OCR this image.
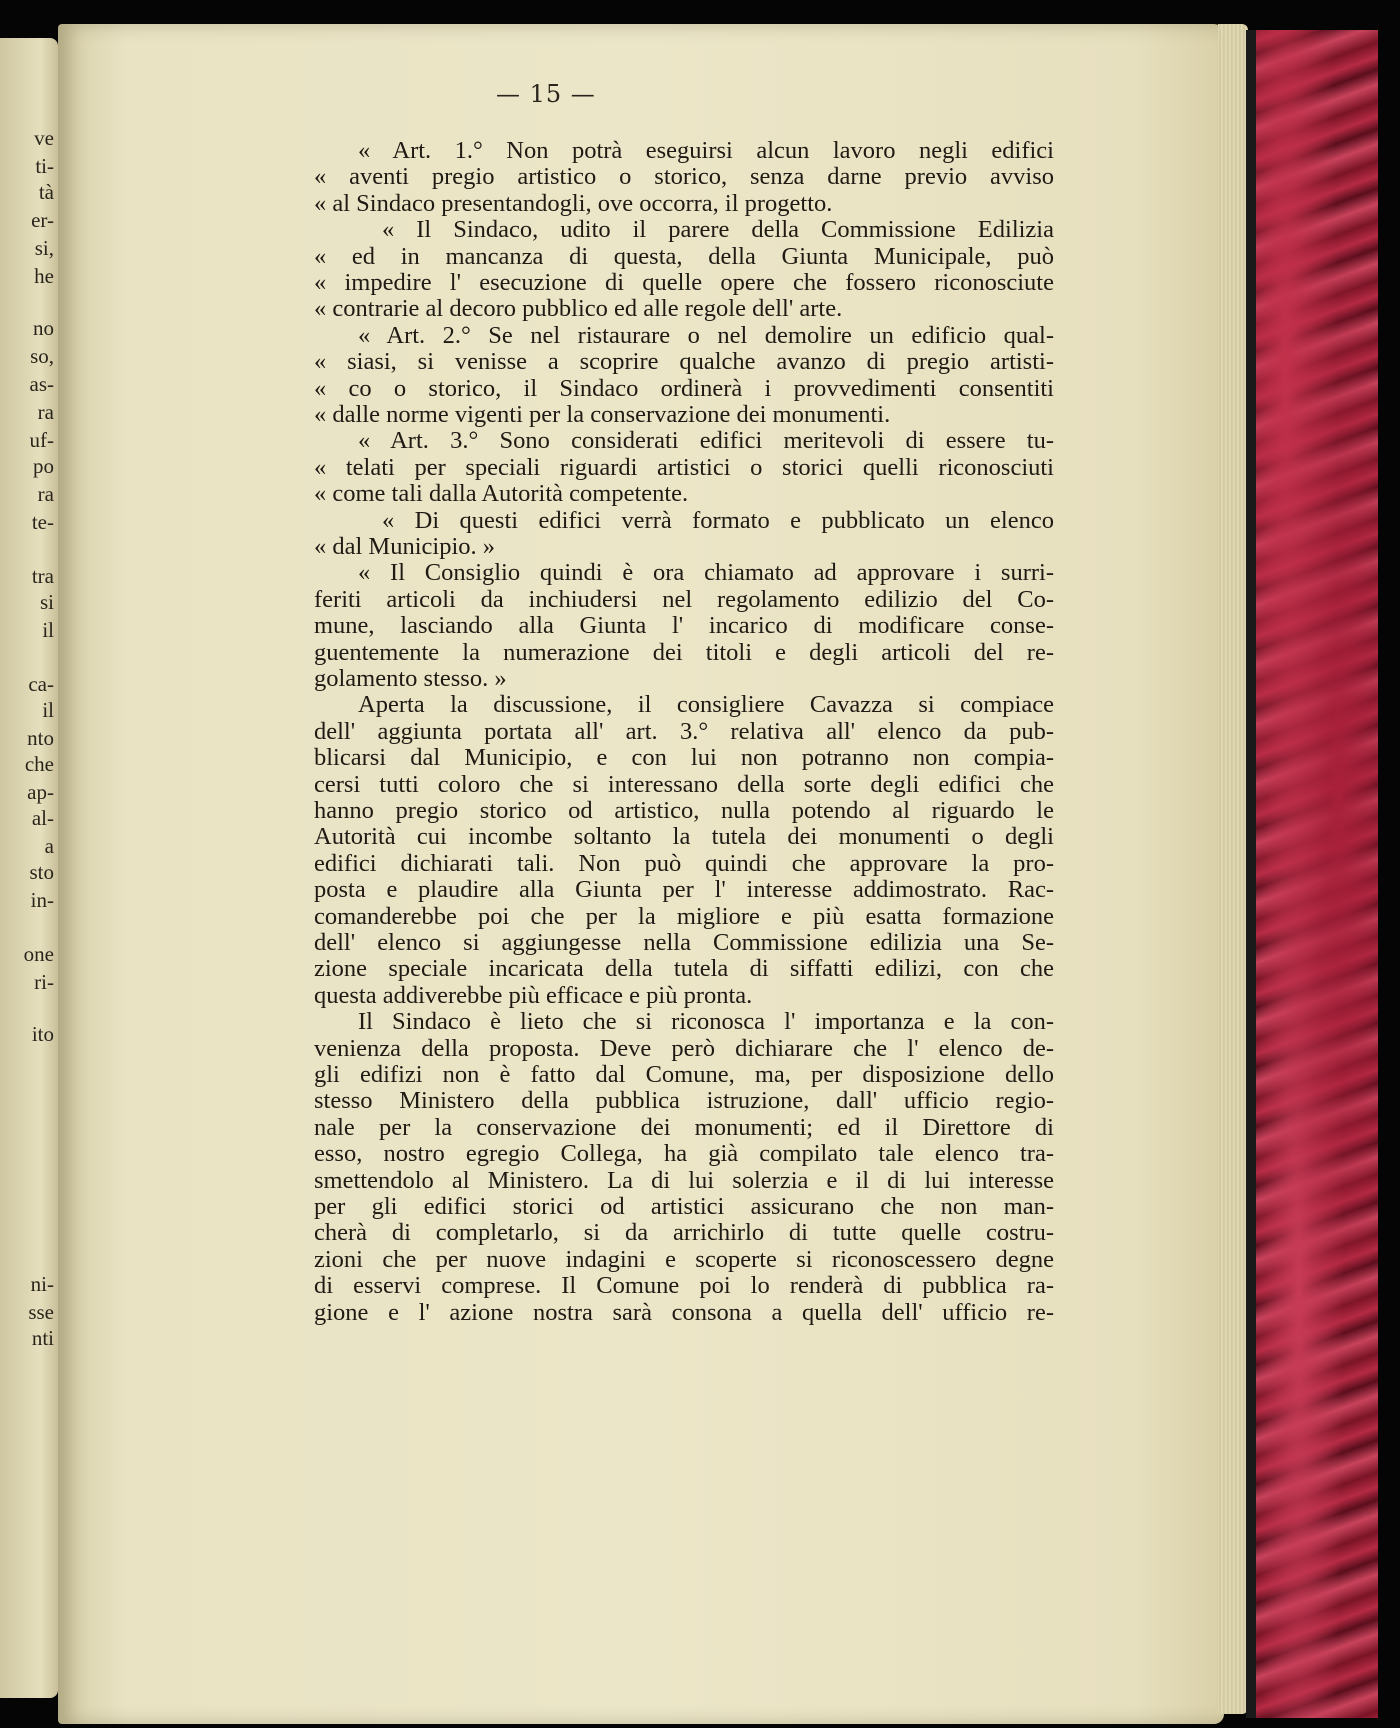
ve
ti-
tà
er-
si,
he
no
so,
as-
ra
uf-
po
ra
te-
tra
si
il
ca-
il
nto
che
ap-
al-
a
sto
in-
one
ri-
ito
ni-
sse
nti
— 15 —
« Art. 1.° Non potrà eseguirsi alcun lavoro negli edifici
« aventi pregio artistico o storico, senza darne previo avviso
« al Sindaco presentandogli, ove occorra, il progetto.
« Il Sindaco, udito il parere della Commissione Edilizia
« ed in mancanza di questa, della Giunta Municipale, può
« impedire l' esecuzione di quelle opere che fossero riconosciute
« contrarie al decoro pubblico ed alle regole dell' arte.
« Art. 2.° Se nel ristaurare o nel demolire un edificio qual-
« siasi, si venisse a scoprire qualche avanzo di pregio artisti-
« co o storico, il Sindaco ordinerà i provvedimenti consentiti
« dalle norme vigenti per la conservazione dei monumenti.
« Art. 3.° Sono considerati edifici meritevoli di essere tu-
« telati per speciali riguardi artistici o storici quelli riconosciuti
« come tali dalla Autorità competente.
« Di questi edifici verrà formato e pubblicato un elenco
« dal Municipio. »
« Il Consiglio quindi è ora chiamato ad approvare i surri-
feriti articoli da inchiudersi nel regolamento edilizio del Co-
mune, lasciando alla Giunta l' incarico di modificare conse-
guentemente la numerazione dei titoli e degli articoli del re-
golamento stesso. »
Aperta la discussione, il consigliere Cavazza si compiace
dell' aggiunta portata all' art. 3.° relativa all' elenco da pub-
blicarsi dal Municipio, e con lui non potranno non compia-
cersi tutti coloro che si interessano della sorte degli edifici che
hanno pregio storico od artistico, nulla potendo al riguardo le
Autorità cui incombe soltanto la tutela dei monumenti o degli
edifici dichiarati tali. Non può quindi che approvare la pro-
posta e plaudire alla Giunta per l' interesse addimostrato. Rac-
comanderebbe poi che per la migliore e più esatta formazione
dell' elenco si aggiungesse nella Commissione edilizia una Se-
zione speciale incaricata della tutela di siffatti edilizi, con che
questa addiverebbe più efficace e più pronta.
Il Sindaco è lieto che si riconosca l' importanza e la con-
venienza della proposta. Deve però dichiarare che l' elenco de-
gli edifizi non è fatto dal Comune, ma, per disposizione dello
stesso Ministero della pubblica istruzione, dall' ufficio regio-
nale per la conservazione dei monumenti; ed il Direttore di
esso, nostro egregio Collega, ha già compilato tale elenco tra-
smettendolo al Ministero. La di lui solerzia e il di lui interesse
per gli edifici storici od artistici assicurano che non man-
cherà di completarlo, si da arrichirlo di tutte quelle costru-
zioni che per nuove indagini e scoperte si riconoscessero degne
di esservi comprese. Il Comune poi lo renderà di pubblica ra-
gione e l' azione nostra sarà consona a quella dell' ufficio re-
